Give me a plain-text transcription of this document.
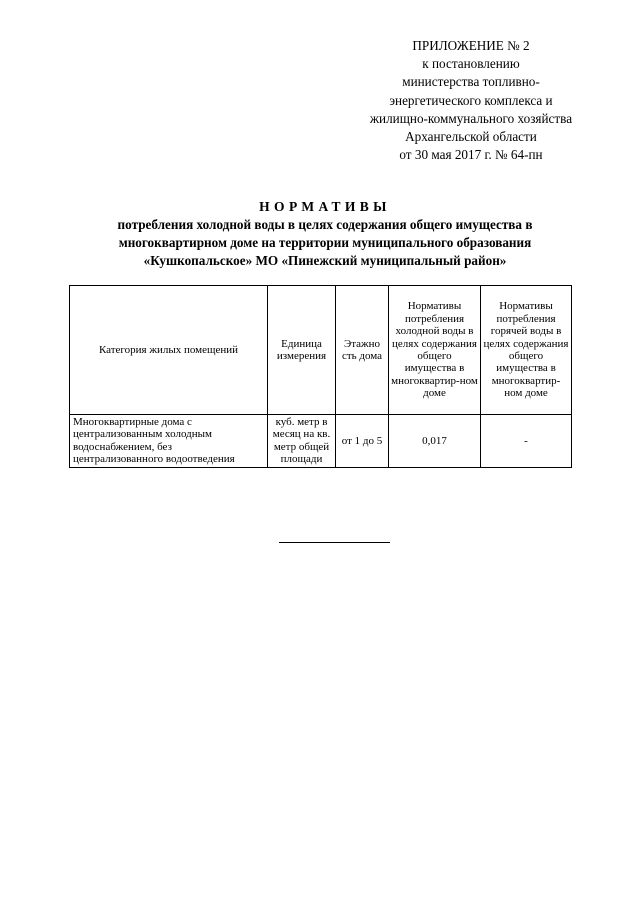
ПРИЛОЖЕНИЕ № 2
к постановлению
министерства топливно-
энергетического комплекса и
жилищно-коммунального хозяйства
Архангельской области
от 30 мая 2017 г. № 64-пн
НОРМАТИВЫ
потребления холодной воды в целях содержания общего имущества в
многоквартирном доме на территории муниципального образования
«Кушкопальское» МО «Пинежский муниципальный район»
Категория жилых помещений	Единица измерения	Этажно сть дома	Нормативы потребления холодной воды в целях содержания общего имущества в многоквартир-ном доме	Нормативы потребления горячей воды в целях содержания общего имущества в многоквартир-ном доме
Многоквартирные дома с централизованным холодным водоснабжением, без централизованного водоотведения	куб. метр в месяц на кв. метр общей площади	от 1 до 5	0,017	-
